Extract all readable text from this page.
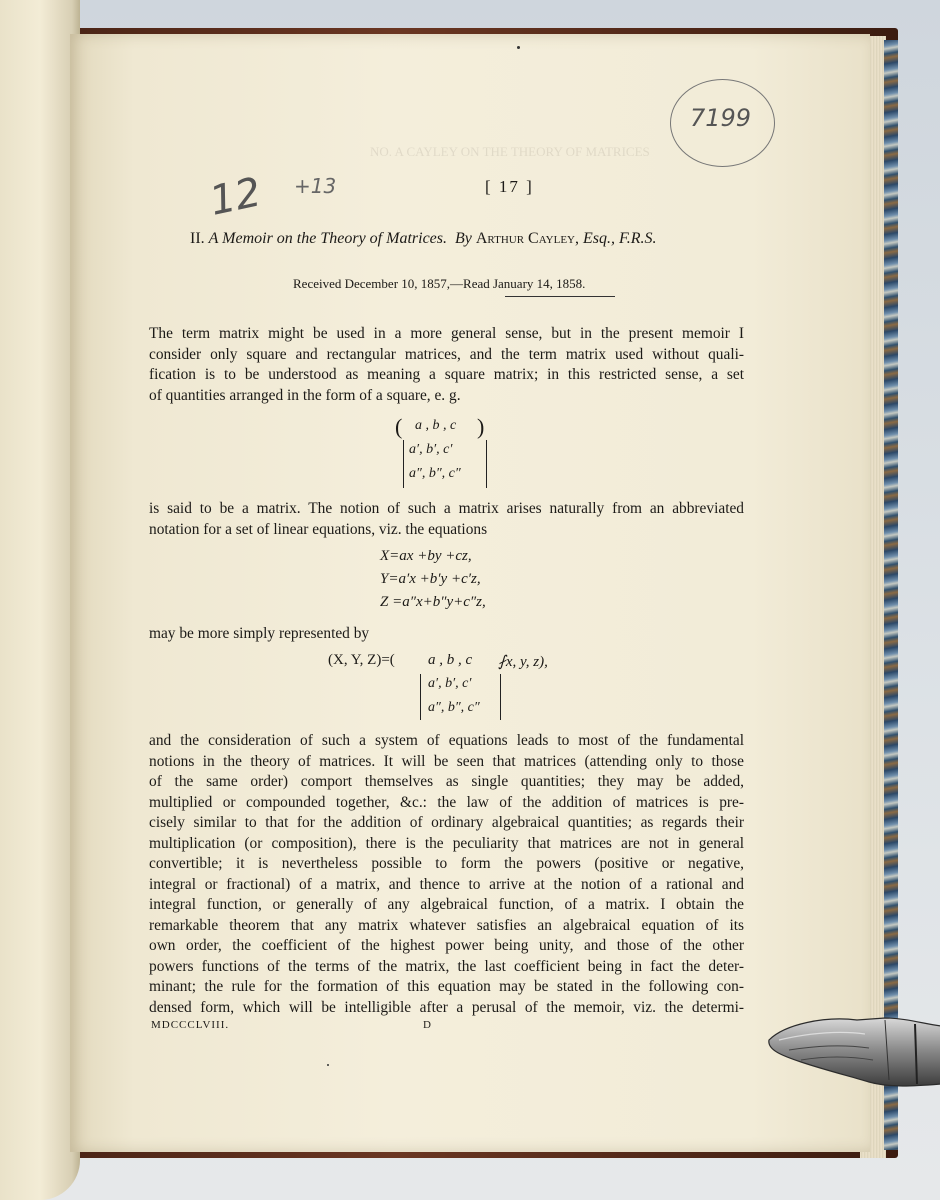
NO. A CAYLEY ON THE THEORY OF MATRICES
7199
12 +13	[ 17 ]
II. A Memoir on the Theory of Matrices. By Arthur Cayley, Esq., F.R.S.
Received December 10, 1857,—Read January 14, 1858.
The term matrix might be used in a more general sense, but in the present memoir I
consider only square and rectangular matrices, and the term matrix used without quali-
fication is to be understood as meaning a square matrix; in this restricted sense, a set
of quantities arranged in the form of a square, e. g.
(	)
a , b , c
a′, b′, c′
a″, b″, c″
is said to be a matrix. The notion of such a matrix arises naturally from an abbreviated
notation for a set of linear equations, viz. the equations
X=ax +by +cz,
Y=a′x +b′y +c′z,
Z =a″x+b″y+c″z,
may be more simply represented by
(X, Y, Z)=(	⨏x, y, z),
a , b , c
a′, b′, c′
a″, b″, c″
and the consideration of such a system of equations leads to most of the fundamental
notions in the theory of matrices. It will be seen that matrices (attending only to those
of the same order) comport themselves as single quantities; they may be added,
multiplied or compounded together, &c.: the law of the addition of matrices is pre-
cisely similar to that for the addition of ordinary algebraical quantities; as regards their
multiplication (or composition), there is the peculiarity that matrices are not in general
convertible; it is nevertheless possible to form the powers (positive or negative,
integral or fractional) of a matrix, and thence to arrive at the notion of a rational and
integral function, or generally of any algebraical function, of a matrix. I obtain the
remarkable theorem that any matrix whatever satisfies an algebraical equation of its
own order, the coefficient of the highest power being unity, and those of the other
powers functions of the terms of the matrix, the last coefficient being in fact the deter-
minant; the rule for the formation of this equation may be stated in the following con-
densed form, which will be intelligible after a perusal of the memoir, viz. the determi-
MDCCCLVIII.	D
